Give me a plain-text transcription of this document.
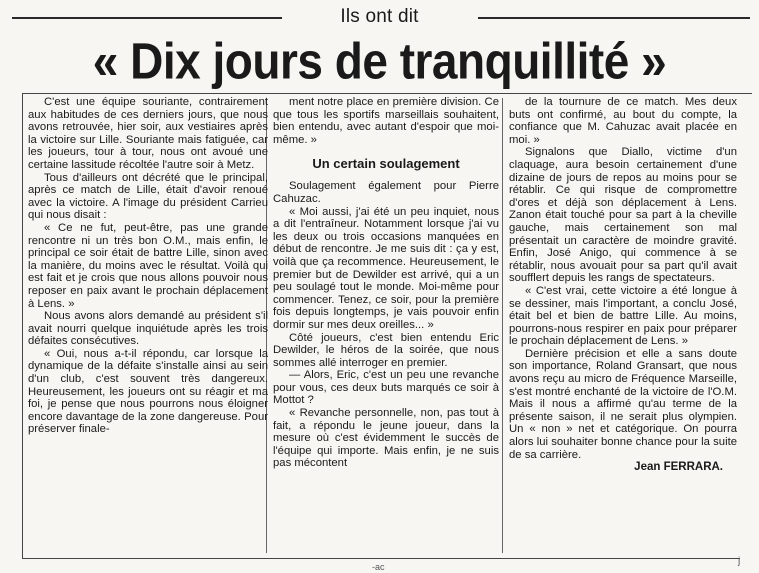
Ils ont dit
« Dix jours de tranquillité »

C'est une équipe souriante, contrairement aux habitudes de ces derniers jours, que nous avons retrouvée, hier soir, aux vestiaires après la victoire sur Lille. Souriante mais fatiguée, car les joueurs, tour à tour, nous ont avoué une certaine lassitude récoltée l'autre soir à Metz.

Tous d'ailleurs ont décrété que le principal, après ce match de Lille, était d'avoir renoué avec la victoire. A l'image du président Carrieu qui nous disait :

« Ce ne fut, peut-être, pas une grande rencontre ni un très bon O.M., mais enfin, le principal ce soir était de battre Lille, sinon avec la manière, du moins avec le résultat. Voilà qui est fait et je crois que nous allons pouvoir nous reposer en paix avant le prochain déplacement à Lens. »

Nous avons alors demandé au président s'il avait nourri quelque inquiétude après les trois défaites consécutives.

« Oui, nous a-t-il répondu, car lorsque la dynamique de la défaite s'installe ainsi au sein d'un club, c'est souvent très dangereux. Heureusement, les joueurs ont su réagir et ma foi, je pense que nous pourrons nous éloigner encore davantage de la zone dangereuse. Pour préserver finale-

ment notre place en première division. Ce que tous les sportifs marseillais souhaitent, bien entendu, avec autant d'espoir que moi-même. »

Un certain soulagement

Soulagement également pour Pierre Cahuzac.

« Moi aussi, j'ai été un peu inquiet, nous a dit l'entraîneur. Notamment lorsque j'ai vu les deux ou trois occasions manquées en début de rencontre. Je me suis dit : ça y est, voilà que ça recommence. Heureusement, le premier but de Dewilder est arrivé, qui a un peu soulagé tout le monde. Moi-même pour commencer. Tenez, ce soir, pour la première fois depuis longtemps, je vais pouvoir enfin dormir sur mes deux oreilles... »

Côté joueurs, c'est bien entendu Eric Dewilder, le héros de la soirée, que nous sommes allé interroger en premier.

— Alors, Eric, c'est un peu une revanche pour vous, ces deux buts marqués ce soir à Mottot ?

« Revanche personnelle, non, pas tout à fait, a répondu le jeune joueur, dans la mesure où c'est évidemment le succès de l'équipe qui importe. Mais enfin, je ne suis pas mécontent

de la tournure de ce match. Mes deux buts ont confirmé, au bout du compte, la confiance que M. Cahuzac avait placée en moi. »

Signalons que Diallo, victime d'un claquage, aura besoin certainement d'une dizaine de jours de repos au moins pour se rétablir. Ce qui risque de compromettre d'ores et déjà son déplacement à Lens. Zanon était touché pour sa part à la cheville gauche, mais certainement son mal présentait un caractère de moindre gravité. Enfin, José Anigo, qui commence à se rétablir, nous avouait pour sa part qu'il avait soufflert depuis les rangs de spectateurs.

« C'est vrai, cette victoire a été longue à se dessiner, mais l'important, a conclu José, était bel et bien de battre Lille. Au moins, pourrons-nous respirer en paix pour préparer le prochain déplacement de Lens. »

Dernière précision et elle a sans doute son importance, Roland Gransart, que nous avons reçu au micro de Fréquence Marseille, s'est montré enchanté de la victoire de l'O.M. Mais il nous a affirmé qu'au terme de la présente saison, il ne serait plus olympien. Un « non » net et catégorique. On pourra alors lui souhaiter bonne chance pour la suite de sa carrière.

Jean FERRARA.

-ac	j
